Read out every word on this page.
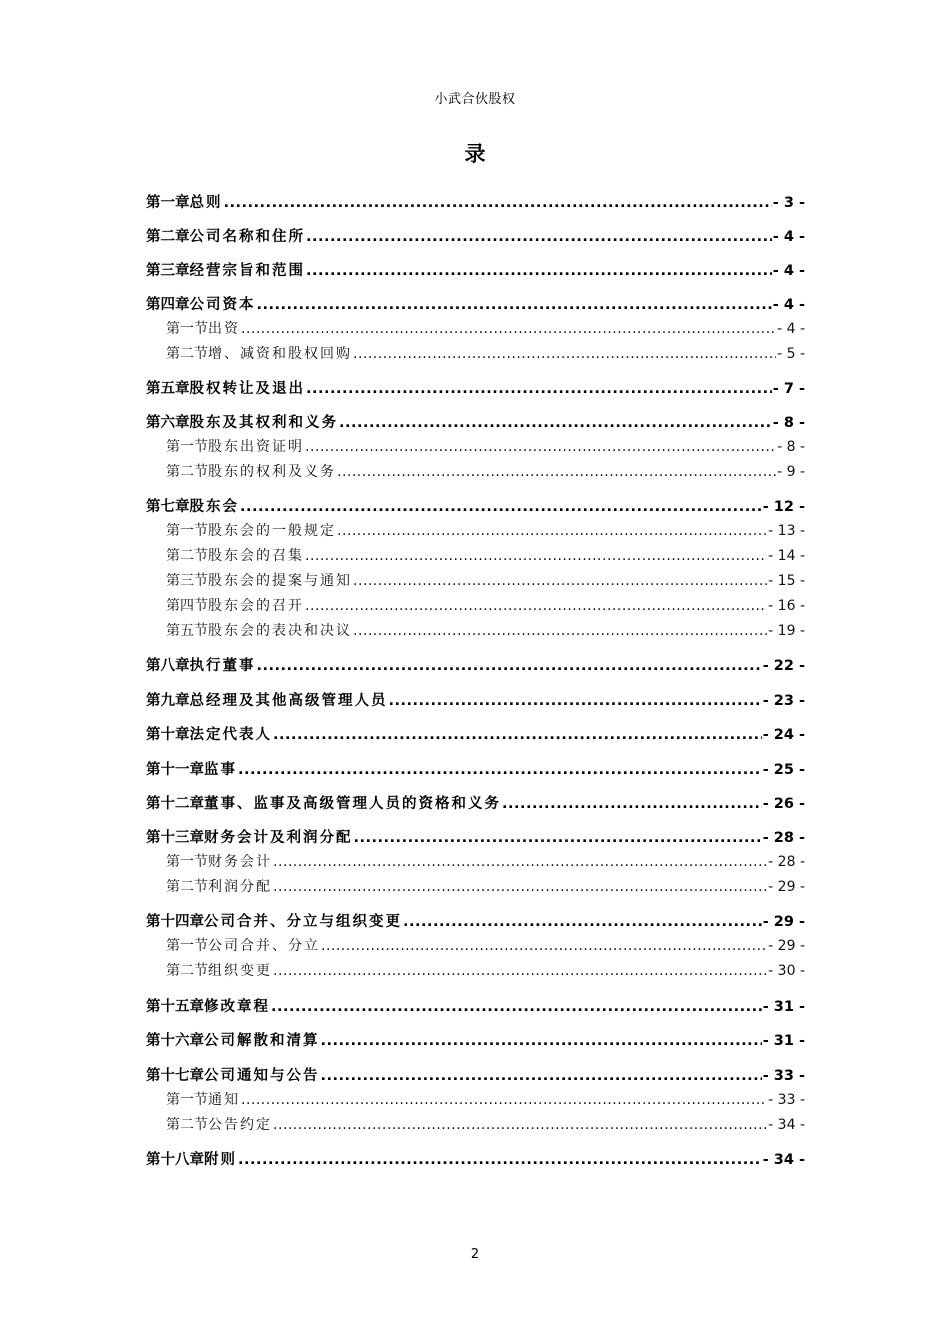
小武合伙股权
录
第一章 总则 .....	- 3 -
第二章 公司名称和住所 .....	- 4 -
第三章 经营宗旨和范围 .....	- 4 -
第四章 公司资本 .....	- 4 -
第一节 出资 .....	- 4 -
第二节 增、减资和股权回购 .....	- 5 -
第五章 股权转让及退出 .....	- 7 -
第六章 股东及其权利和义务 .....	- 8 -
第一节 股东出资证明 .....	- 8 -
第二节 股东的权利及义务 .....	- 9 -
第七章 股东会 .....	- 12 -
第一节 股东会的一般规定 .....	- 13 -
第二节 股东会的召集 .....	- 14 -
第三节 股东会的提案与通知 .....	- 15 -
第四节 股东会的召开 .....	- 16 -
第五节 股东会的表决和决议 .....	- 19 -
第八章 执行董事 .....	- 22 -
第九章 总经理及其他高级管理人员 .....	- 23 -
第十章 法定代表人 .....	- 24 -
第十一章 监事 .....	- 25 -
第十二章 董事、监事及高级管理人员的资格和义务 .....	- 26 -
第十三章 财务会计及利润分配 .....	- 28 -
第一节 财务会计 .....	- 28 -
第二节 利润分配 .....	- 29 -
第十四章 公司合并、分立与组织变更 .....	- 29 -
第一节 公司合并、分立 .....	- 29 -
第二节 组织变更 .....	- 30 -
第十五章 修改章程 .....	- 31 -
第十六章 公司解散和清算 .....	- 31 -
第十七章 公司通知与公告 .....	- 33 -
第一节 通知 .....	- 33 -
第二节 公告约定 .....	- 34 -
第十八章 附则 .....	- 34 -
2
